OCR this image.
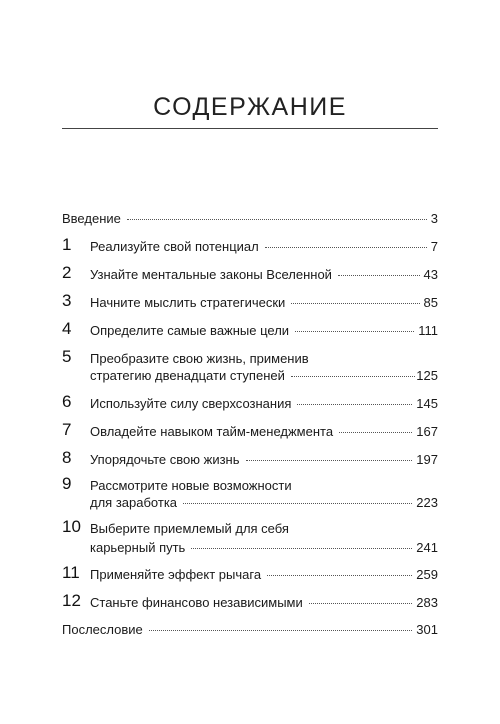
СОДЕРЖАНИЕ
Введение	3
1	Реализуйте свой потенциал	7
2	Узнайте ментальные законы Вселенной	43
3	Начните мыслить стратегически	85
4	Определите самые важные цели	111
5	Преобразите свою жизнь, применив
стратегию двенадцати ступеней	125
6	Используйте силу сверхсознания	145
7	Овладейте навыком тайм-менеджмента	167
8	Упорядочьте свою жизнь	197
9	Рассмотрите новые возможности
для заработка	223
10 Выберите приемлемый для себя
карьерный путь	241
11 Применяйте эффект рычага	259
12 Станьте финансово независимыми	283
Послесловие	301
